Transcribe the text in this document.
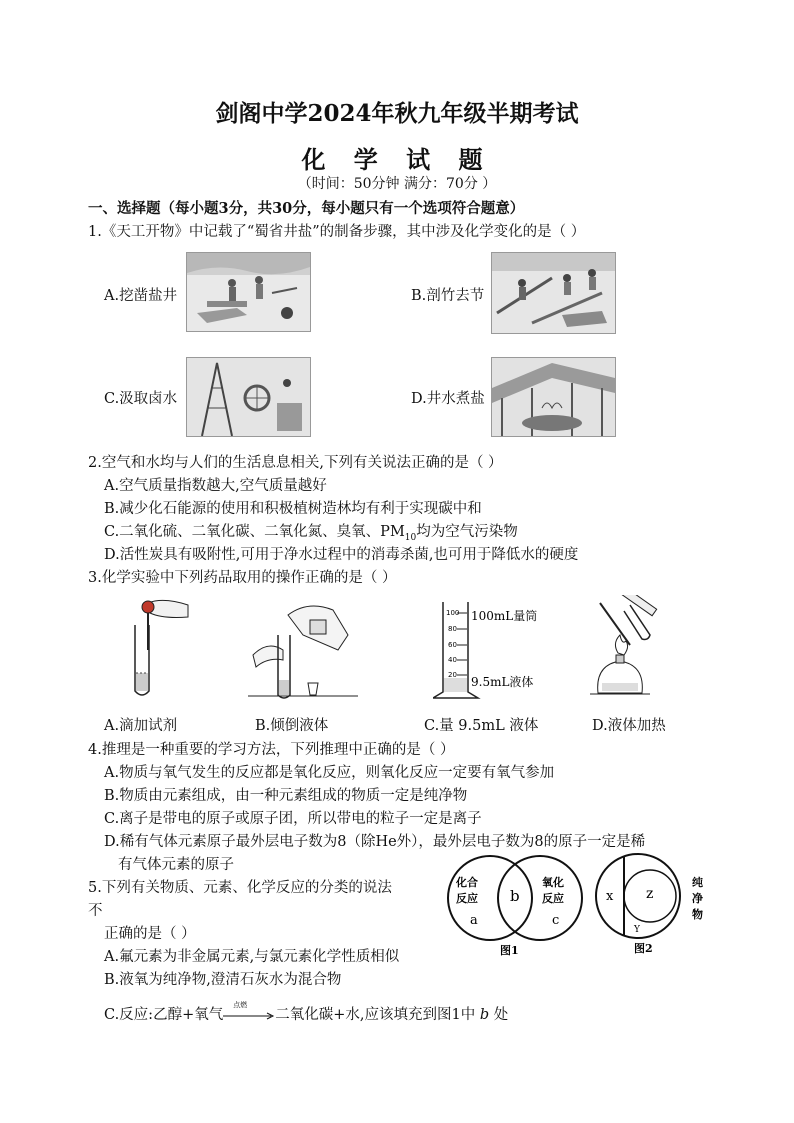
剑阁中学2024年秋九年级半期考试
化 学 试 题
（时间：50分钟 满分：70分 ）
一、选择题（每小题3分，共30分，每小题只有一个选项符合题意）
1.《天工开物》中记载了“蜀省井盐”的制备步骤，其中涉及化学变化的是（ ）
A.挖凿盐井	B.剖竹去节
C.汲取卤水	D.井水煮盐
2.空气和水均与人们的生活息息相关,下列有关说法正确的是（ ）
A.空气质量指数越大,空气质量越好
B.减少化石能源的使用和积极植树造林均有利于实现碳中和
C.二氧化硫、二氧化碳、二氧化氮、臭氧、$PM_{10}$均为空气污染物
D.活性炭具有吸附性,可用于净水过程中的消毒杀菌,也可用于降低水的硬度
3.化学实验中下列药品取用的操作正确的是（ ）
100
80
60
40
20
100mL量筒
9.5mL液体
A.滴加试剂	B.倾倒液体	C.量 9.5mL 液体	D.液体加热
4.推理是一种重要的学习方法，下列推理中正确的是（ ）
A.物质与氧气发生的反应都是氧化反应，则氧化反应一定要有氧气参加
B.物质由元素组成，由一种元素组成的物质一定是纯净物
C.离子是带电的原子或原子团，所以带电的粒子一定是离子
D.稀有气体元素原子最外层电子数为8（除He外），最外层电子数为8的原子一定是稀
有气体元素的原子
5.下列有关物质、元素、化学反应的分类的说法
不
正确的是（ ）
A.氟元素为非金属元素,与氯元素化学性质相似
B.液氧为纯净物,澄清石灰水为混合物
C.反应:乙醇+氧气
点燃
二氧化碳+水,应该填充到图1中 b 处
化合
反应
a
b
氧化
反应
c
图1
x z
Y
纯
净
物
图2
